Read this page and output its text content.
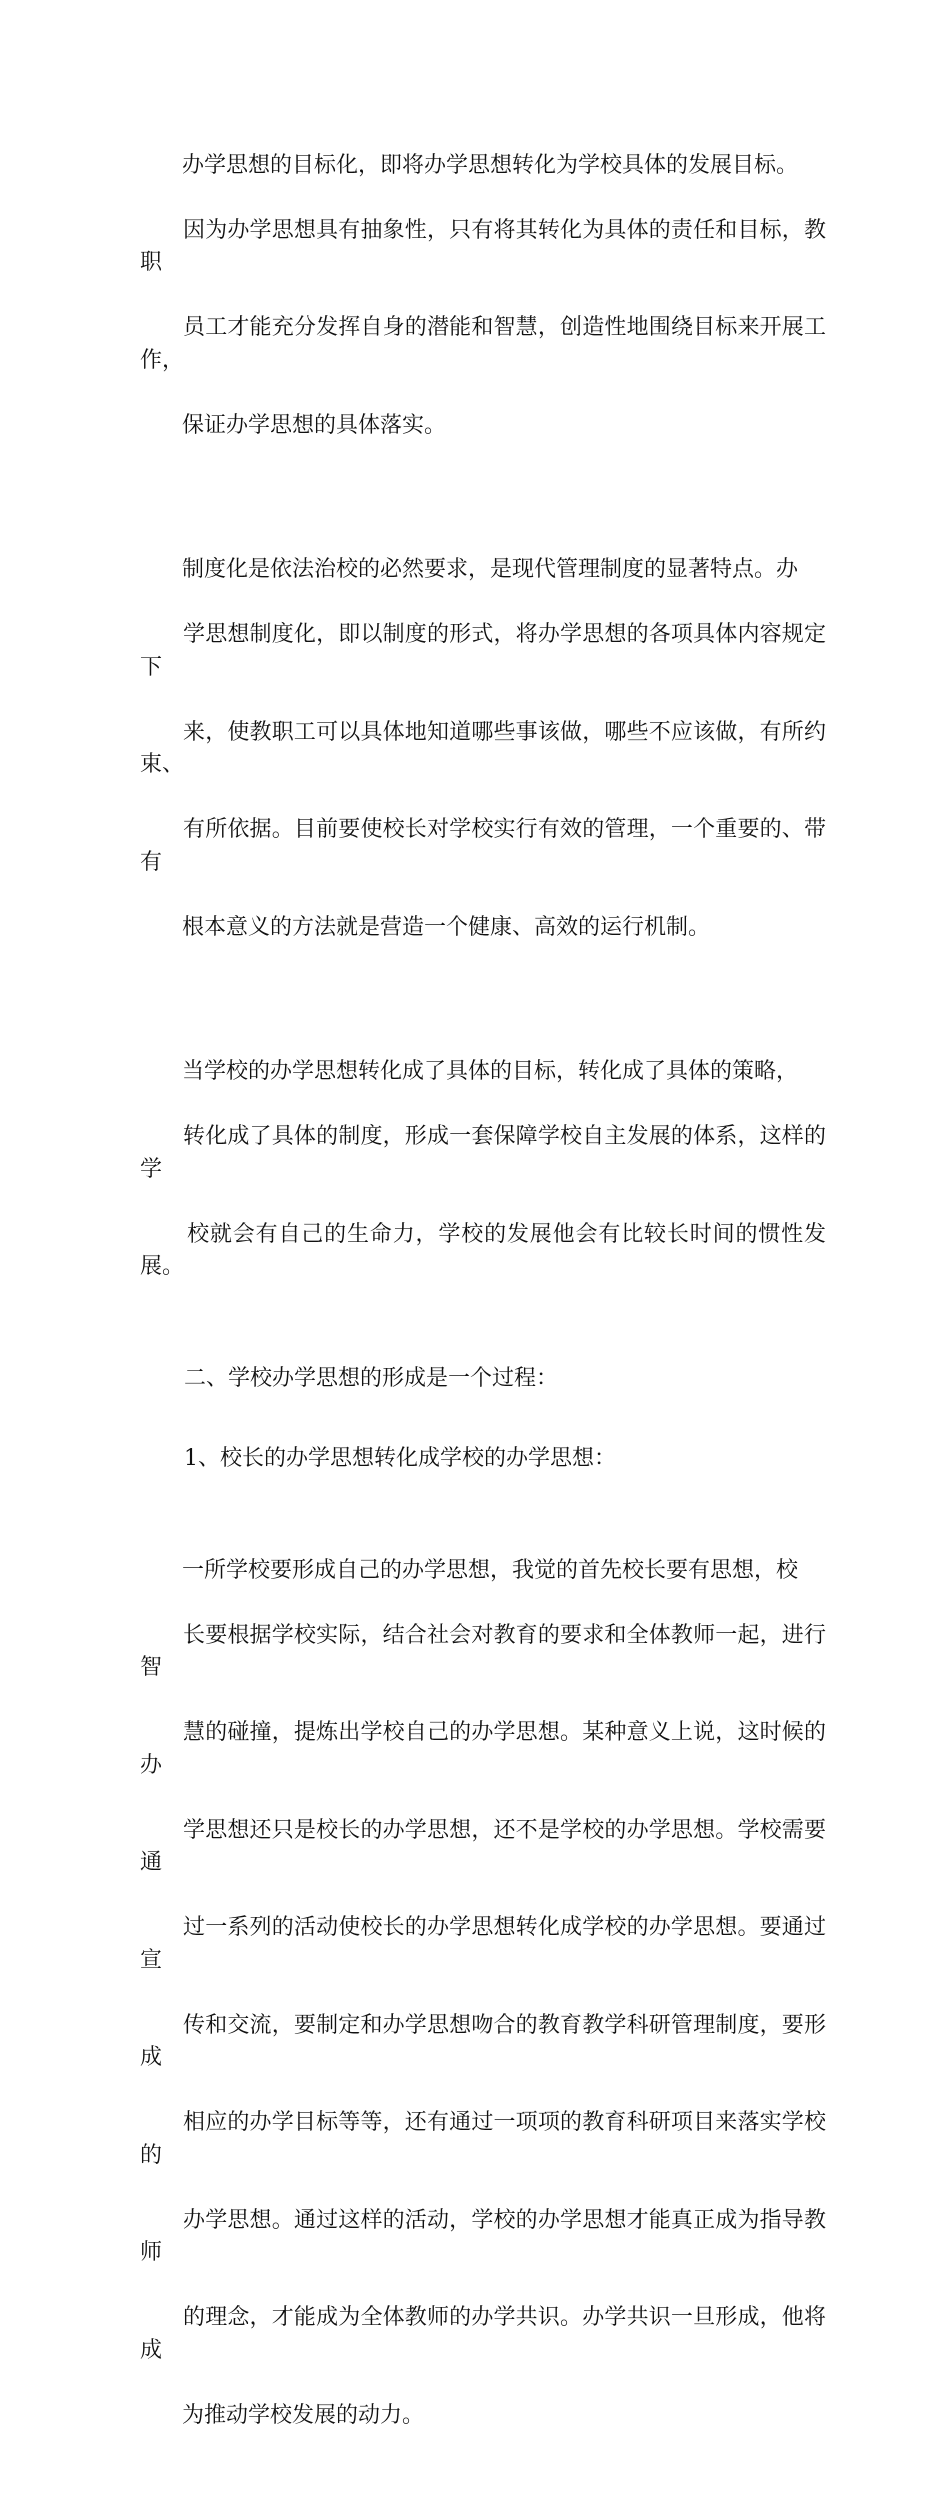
办学思想的目标化，即将办学思想转化为学校具体的发展目标。

因为办学思想具有抽象性，只有将其转化为具体的责任和目标，教职

员工才能充分发挥自身的潜能和智慧，创造性地围绕目标来开展工作，

保证办学思想的具体落实。

制度化是依法治校的必然要求，是现代管理制度的显著特点。办

学思想制度化，即以制度的形式，将办学思想的各项具体内容规定下

来，使教职工可以具体地知道哪些事该做，哪些不应该做，有所约束、

有所依据。目前要使校长对学校实行有效的管理，一个重要的、带有

根本意义的方法就是营造一个健康、高效的运行机制。

当学校的办学思想转化成了具体的目标，转化成了具体的策略，

转化成了具体的制度，形成一套保障学校自主发展的体系，这样的学

校就会有自己的生命力，学校的发展他会有比较长时间的惯性发展。

二、学校办学思想的形成是一个过程：

1、校长的办学思想转化成学校的办学思想：

一所学校要形成自己的办学思想，我觉的首先校长要有思想，校

长要根据学校实际，结合社会对教育的要求和全体教师一起，进行智

慧的碰撞，提炼出学校自己的办学思想。某种意义上说，这时候的办

学思想还只是校长的办学思想，还不是学校的办学思想。学校需要通

过一系列的活动使校长的办学思想转化成学校的办学思想。要通过宣

传和交流，要制定和办学思想吻合的教育教学科研管理制度，要形成

相应的办学目标等等，还有通过一项项的教育科研项目来落实学校的

办学思想。通过这样的活动，学校的办学思想才能真正成为指导教师

的理念，才能成为全体教师的办学共识。办学共识一旦形成，他将成

为推动学校发展的动力。
